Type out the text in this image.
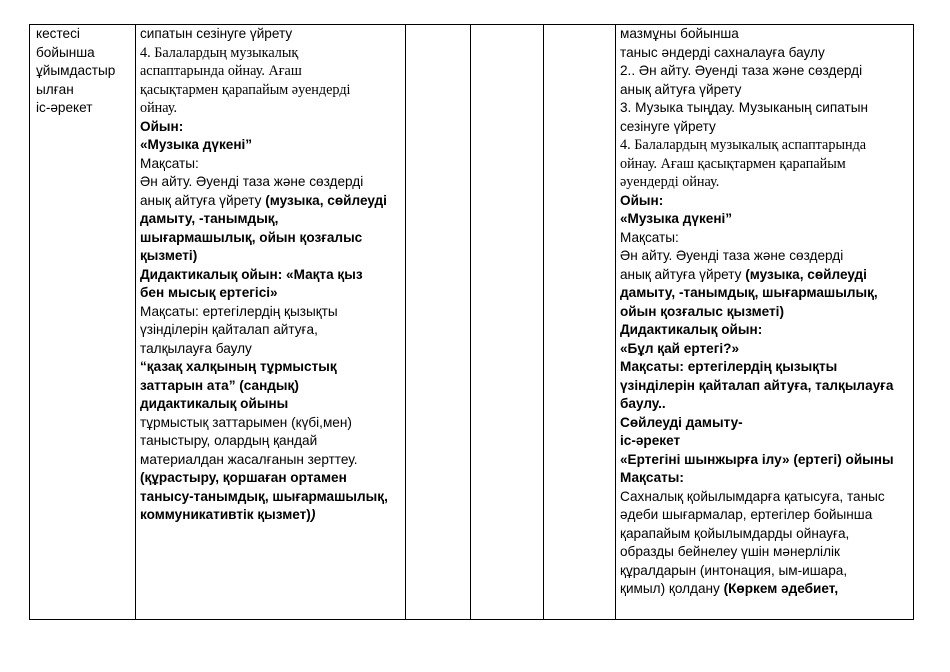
кестесі
бойынша
ұйымдастыр
ылған
іс-әрекет
сипатын сезінуге үйрету
4. Балалардың музыкалық
аспаптарында ойнау. Ағаш
қасықтармен қарапайым әуендерді
ойнау.
Ойын:
«Музыка дүкені”
Мақсаты:
Ән айту. Әуенді таза және сөздерді
анық айтуға үйрету (музыка, сөйлеуді
дамыту, -танымдық,
шығармашылық, ойын қозғалыс
қызметі)
Дидактикалық ойын: «Мақта қыз
бен мысық ертегісі»
Мақсаты: ертегілердің қызықты
үзінділерін қайталап айтуға,
талқылауға баулу
“қазақ халқының тұрмыстық
заттарын ата” (сандық)
дидактикалық ойыны
тұрмыстық заттарымен (күбі,мен)
таныстыру, олардың қандай
материалдан жасалғанын зерттеу.
(құрастыру, қоршаған ортамен
танысу-танымдық, шығармашылық,
коммуникативтік қызмет))
мазмұны бойынша
таныс әндерді сахналауға баулу
2.. Ән айту. Әуенді таза және сөздерді
анық айтуға үйрету
3. Музыка тыңдау. Музыканың сипатын
сезінуге үйрету
4. Балалардың музыкалық аспаптарында
ойнау. Ағаш қасықтармен қарапайым
әуендерді ойнау.
Ойын:
«Музыка дүкені”
Мақсаты:
Ән айту. Әуенді таза және сөздерді
анық айтуға үйрету (музыка, сөйлеуді
дамыту, -танымдық, шығармашылық,
ойын қозғалыс қызметі)
Дидактикалық ойын:
«Бұл қай ертегі?»
Мақсаты: ертегілердің қызықты
үзінділерін қайталап айтуға, талқылауға
баулу..
Сөйлеуді дамыту-
іс-әрекет
«Ертегіні шынжырға ілу» (ертегі) ойыны
Мақсаты:
Сахналық қойылымдарға қатысуға, таныс
әдеби шығармалар, ертегілер бойынша
қарапайым қойылымдарды ойнауға,
образды бейнелеу үшін мәнерлілік
құралдарын (интонация, ым-ишара,
қимыл) қолдану (Көркем әдебиет,
